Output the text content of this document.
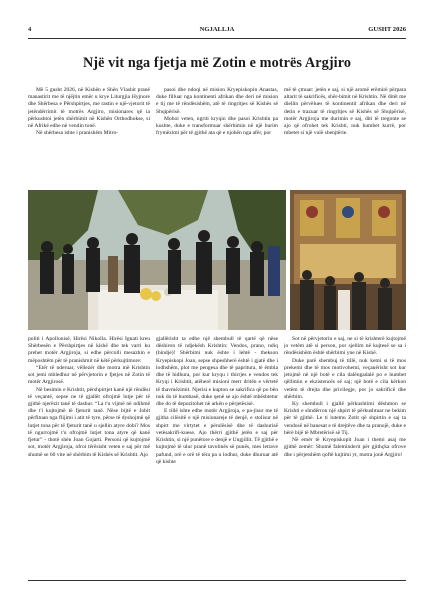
4	NGJALLJA	GUSHT 2026
Një vit nga fjetja më Zotin e motrës Argjiro

Më 5 gusht 2026, në Kishën e Shën Vlashit pranë manastirit me të njëjtin emër u krye Liturgjia Hyjnore dhe Shërbesa e Përshpirtjes, me rastin e një-vjetorit të jetëndërrimit të motrës Argjiro, misionares që ia përkushtoi jetën shërbimit në Kishën Orthodhokse, si në Afrikë edhe në vendin tonë.

Në shërbesa ishte i pranishëm Mitro-

pasoi dhe ndoqi në mision Kryepiskopin Anastas, duke filluar nga kontinenti afrikan dhe deri në mision e tij me të rëndësishëm, atë të ringritjes së Kishës së Shqipërisë.

Mohoi veten, ngriti kryqin dhe pasoi Krishtin pa kushte, duke e transformuar shërbimin në një burim frymëzimi për të gjithë ata që e njohën nga afër, por

më të çmuar: jetën e saj, si një aromë erëmirë përpara altarit të sakrificës, shër-bimit në Krishtin. Në ditët me diellin përvëlues të kontinentit afrikan dhe deri në detin e trazuar të ringritjes së Kishës së Shqipërisë, motër Argjiroja me durimin e saj, diti të tregonte se ajo që ofrohet tek Krishti, nuk humbet kurrë, por mbetet si një vulë shenjtërie.

politi i Apollonisë, Hirësi Nikolla. Hirësi Ignati kreu Shërbesën e Përshpirtjes në kishë dhe tek varri ku prehet motër Argjiroja, si edhe përcolli mesazhin e mëposhtëm për të pranishmit në këtë përkujtimore:

“Etër të nderuar, vëllezër dhe motra më Krishtin sot jemi mbledhur në përvjetorin e fjetjes në Zotin të motër Argjirosë.

Në besimin e Krishtit, përshpirtjet kanë një rëndësi të veçantë, sepse ne të gjallët ofrojmë lutje për të gjithë njerëzit tanë të dashur. “La t'u vijmë në ndihmë dhe t'i kujtojmë të fjeturit tanë. Nëse bijtë e Jobit përfituan nga flijimi i atit të tyre, përse të dyshojmë që lutjet tona për të fjeturit tanë u sjellin atyre dobi? Mos të ngurrojmë t'u ofrojmë lutjet tona atyre që kanë fjetur” - thotë shën Joan Gojarti. Personi që kujtojmë sot, motër Argjiroja, ofroi tërësisht veten e saj për më shumë se 60 vite në shërbim të Kishës së Krishtit. Ajo

gjallërisht ta edhe një shembull të qartë që nëse dëshiron të ndjekësh Krishtin: Vendos, prano, ndiq (bindje)! Shërbimi nuk ështe i lehtë - thekson Kryepiskopi Joan, sepse shpeshherë është i gjatë dhe i lodhshëm, plot me pengesa dhe të papritura, të ëmbla dhe të hidhura, por kur kryqu i thirrjes e vendos tek Kryqi i Krishtit, atëherë misioni merr dritën e vërtetë të thavmëzimit. Njerisi e kupton se sakrifica që po bën nuk do të humbasë, duke qenë se ajo është mbështetur dhe do të depozitohet në arkën e përjetësisë.

E tillë ishte edhe motër Argjiroja, e pa-jisur me të gjitha cilësitë e një misionareje të denjë, e stolisur në shpirt me virtytet e përulësisë dhe të dashurisë vetësakrifi-kuese. Ajo thërri gjithë jetën e saj për Krishtin, si një punëtore e denjë e Ungjillit. Të gjithë e kujtojmë të ulur pranë tavolinës së punës, mes letrave pafund, orë e orë të tëra pa u lodhur, duke dhuruar atë që kishte

Sot në përvjetorin e saj, ne si të krishterë kujtojmë jo vetëm atë si person, por sjellim në kujtesë se sa i rëndësishëm është shërbimi yne në Kishë.

Duke parë shembuj të tillë, nuk kemi si të mos prekemi dhe të mos motivohemi, veçanërisht sot kur jetojmë në një botë e cila dalëngadalë po e humbet qëllimin e ekzistencës së saj; një botë e cila kërkon vetëm të drejta dhe privilegje, por jo sakrificë dhe shërbim.

Ky shembull i gjallë përkushtimi dëshmon se Krishti e shndërron një shpirt të përkushtuar ne bekim për të gjithë. Le ti lutemu Zotit që shpirtin e saj ta vendosë në banesat e të drejtëve dhe ta pranojë, duke e bërë bijë të Mbretërisë së Tij.

Në emër të Kryepiskopit Joan i themi asaj me gjithë zemër: Shumë faleminderit për gjithçka ofrove dhe i përjetshëm qoftë kujtimi yt, motra jonë Argjiro!
